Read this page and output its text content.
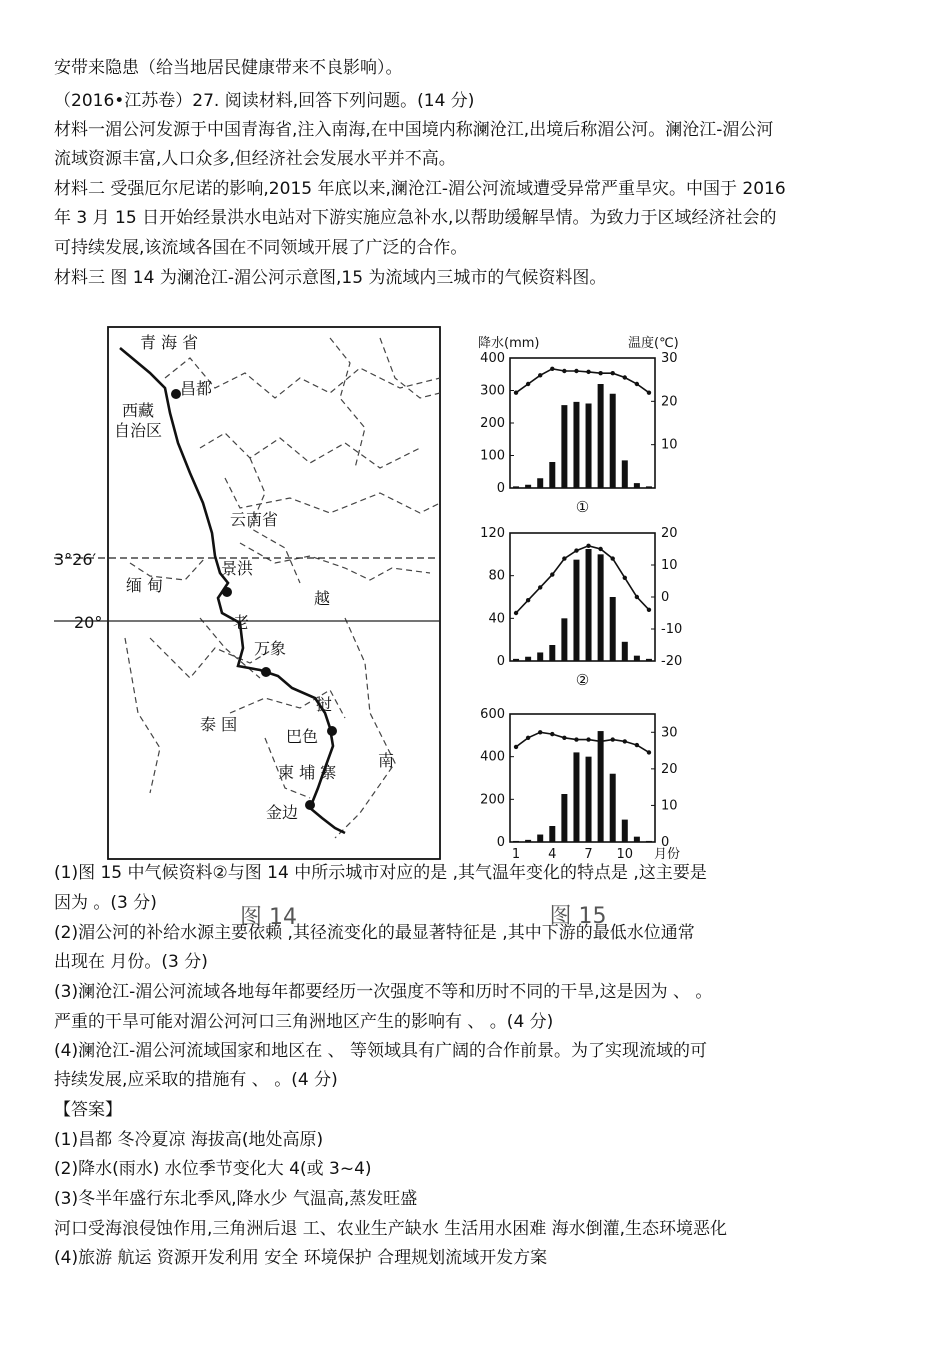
安带来隐患（给当地居民健康带来不良影响）。
（2016•江苏卷）27. 阅读材料,回答下列问题。(14 分)
材料一湄公河发源于中国青海省,注入南海,在中国境内称澜沧江,出境后称湄公河。澜沧江-湄公河
流域资源丰富,人口众多,但经济社会发展水平并不高。
材料二 受强厄尔尼诺的影响,2015 年底以来,澜沧江-湄公河流域遭受异常严重旱灾。中国于 2016
年 3 月 15 日开始经景洪水电站对下游实施应急补水,以帮助缓解旱情。为致力于区域经济社会的
可持续发展,该流域各国在不同领域开展了广泛的合作。
材料三 图 14 为澜沧江-湄公河示意图,15 为流域内三城市的气候资料图。
青 海 省
昌都
西藏
自治区
云南省
3°26′
20°
缅 甸
景洪
越
老
万象
挝
泰 国
巴色
南
柬 埔 寨
金边
图 14
降水(mm)	温度(℃)
0
100
200
300
400
10
20
30
①
0
40
80
120
-20
-10
0
10
20
②
0
200
400
600
0
10
20
30
1 4 7 10 月份
图 15
(1)图 15 中气候资料②与图 14 中所示城市对应的是 ,其气温年变化的特点是 ,这主要是
因为 。(3 分)
(2)湄公河的补给水源主要依赖 ,其径流变化的最显著特征是 ,其中下游的最低水位通常
出现在 月份。(3 分)
(3)澜沧江-湄公河流域各地每年都要经历一次强度不等和历时不同的干旱,这是因为 、 。
严重的干旱可能对湄公河河口三角洲地区产生的影响有 、 。(4 分)
(4)澜沧江-湄公河流域国家和地区在 、 等领域具有广阔的合作前景。为了实现流域的可
持续发展,应采取的措施有 、 。(4 分)
【答案】
(1)昌都 冬冷夏凉 海拔高(地处高原)
(2)降水(雨水) 水位季节变化大 4(或 3~4)
(3)冬半年盛行东北季风,降水少 气温高,蒸发旺盛
河口受海浪侵蚀作用,三角洲后退 工、农业生产缺水 生活用水困难 海水倒灌,生态环境恶化
(4)旅游 航运 资源开发利用 安全 环境保护 合理规划流域开发方案
